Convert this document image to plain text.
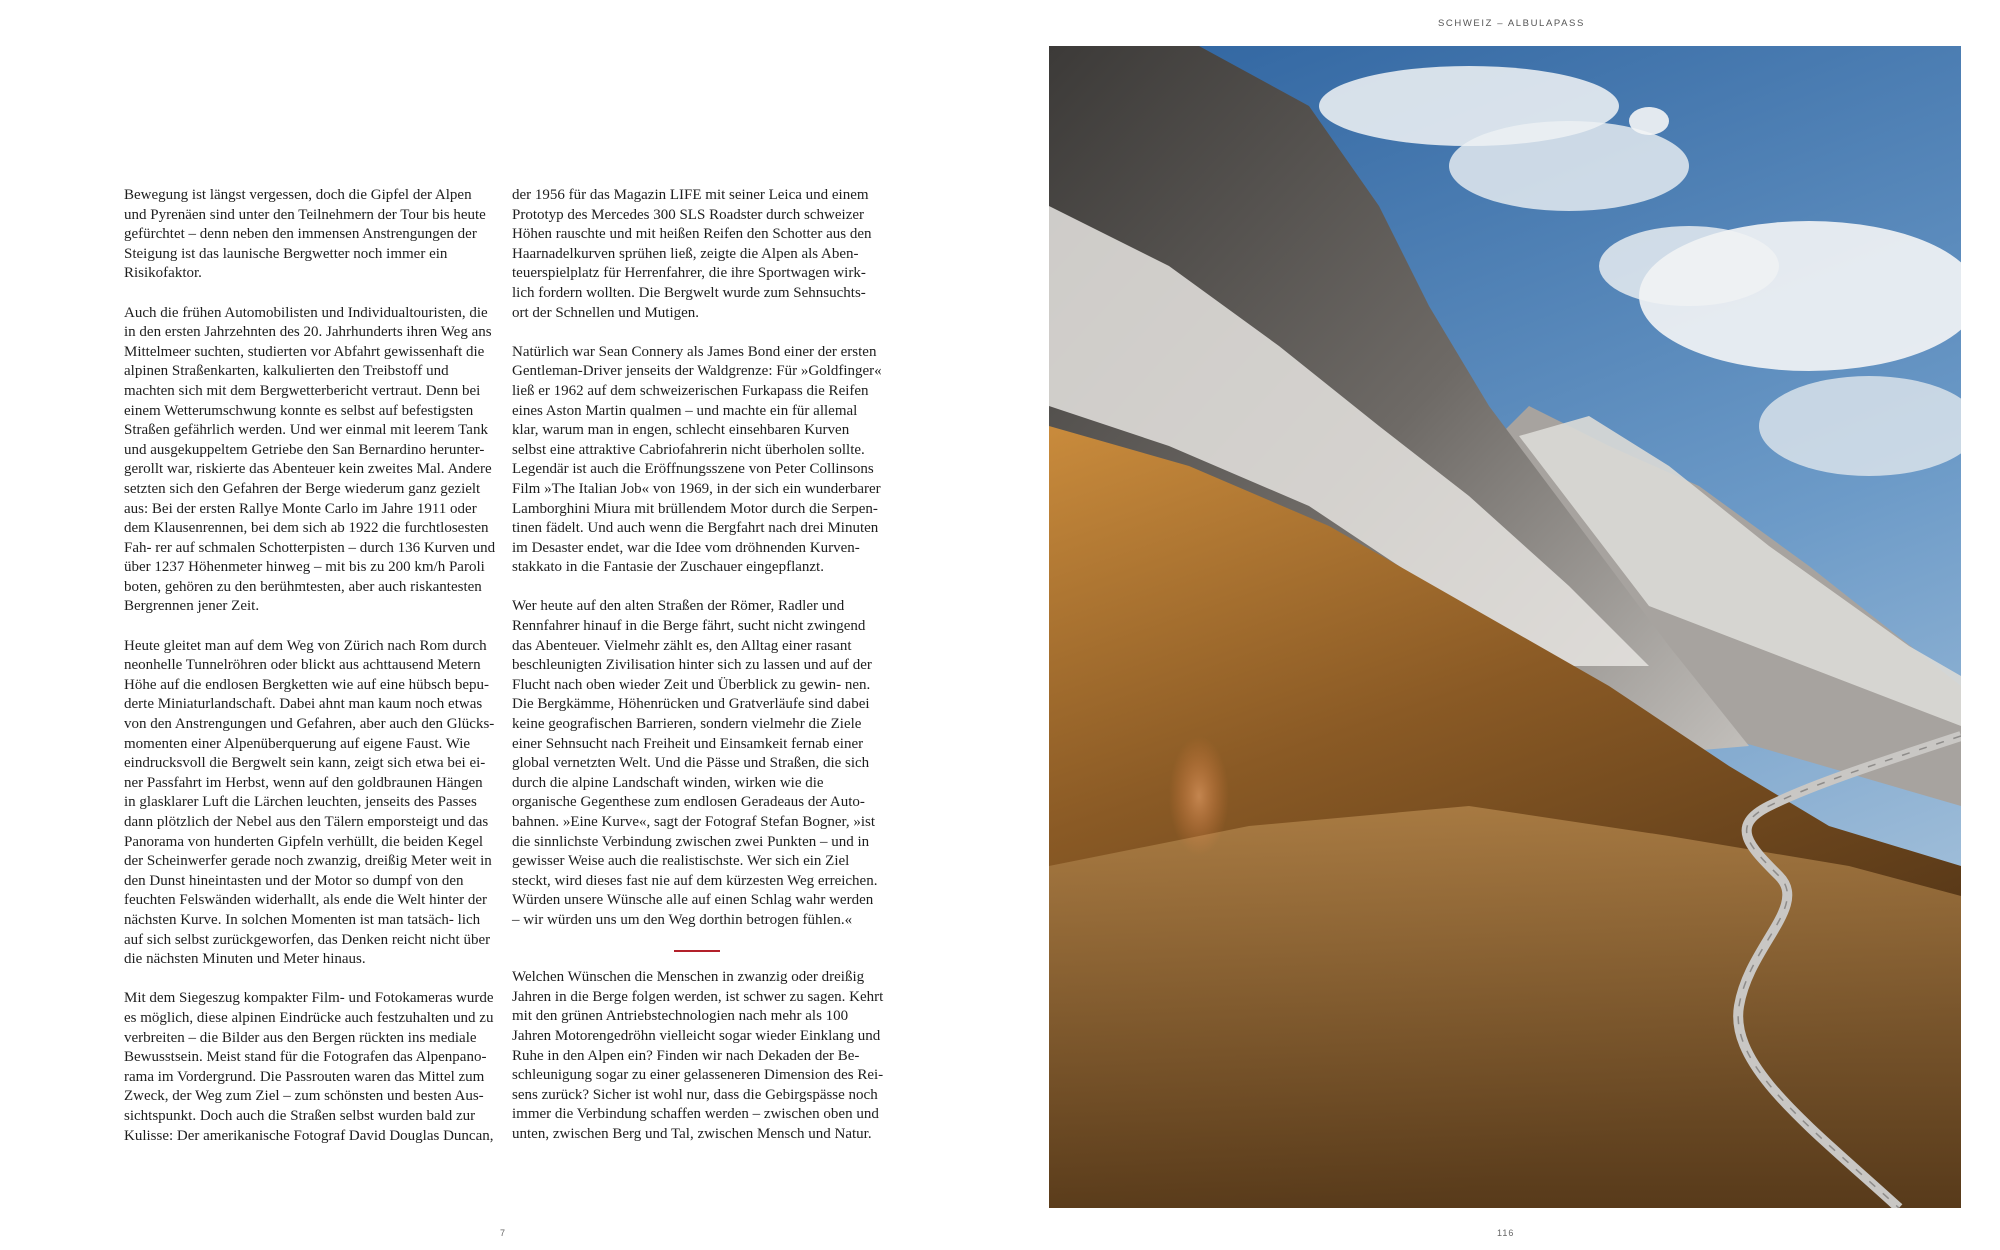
SCHWEIZ – ALBULAPASS

Bewegung ist längst vergessen, doch die Gipfel der Alpen und Pyrenäen sind unter den Teilnehmern der Tour bis heute gefürchtet – denn neben den immensen Anstrengungen der Steigung ist das launische Bergwetter noch immer ein Risikofaktor.

Auch die frühen Automobilisten und Individualtouristen, die in den ersten Jahrzehnten des 20. Jahrhunderts ihren Weg ans Mittelmeer suchten, studierten vor Abfahrt gewissenhaft die alpinen Straßenkarten, kalkulierten den Treibstoff und machten sich mit dem Bergwetterbericht vertraut. Denn bei einem Wetterumschwung konnte es selbst auf befestigsten Straßen gefährlich werden. Und wer einmal mit leerem Tank und ausgekuppeltem Getriebe den San Bernardino herunter- gerollt war, riskierte das Abenteuer kein zweites Mal. Andere setzten sich den Gefahren der Berge wiederum ganz gezielt aus: Bei der ersten Rallye Monte Carlo im Jahre 1911 oder dem Klausenrennen, bei dem sich ab 1922 die furchtlosesten Fah- rer auf schmalen Schotterpisten – durch 136 Kurven und über 1237 Höhenmeter hinweg – mit bis zu 200 km/h Paroli boten, gehören zu den berühmtesten, aber auch riskantesten Bergrennen jener Zeit.

Heute gleitet man auf dem Weg von Zürich nach Rom durch neonhelle Tunnelröhren oder blickt aus achttausend Metern Höhe auf die endlosen Bergketten wie auf eine hübsch bepu- derte Miniaturlandschaft. Dabei ahnt man kaum noch etwas von den Anstrengungen und Gefahren, aber auch den Glücks- momenten einer Alpenüberquerung auf eigene Faust. Wie eindrucksvoll die Bergwelt sein kann, zeigt sich etwa bei ei- ner Passfahrt im Herbst, wenn auf den goldbraunen Hängen in glasklarer Luft die Lärchen leuchten, jenseits des Passes dann plötzlich der Nebel aus den Tälern emporsteigt und das Panorama von hunderten Gipfeln verhüllt, die beiden Kegel der Scheinwerfer gerade noch zwanzig, dreißig Meter weit in den Dunst hineintasten und der Motor so dumpf von den feuchten Felswänden widerhallt, als ende die Welt hinter der nächsten Kurve. In solchen Momenten ist man tatsäch- lich auf sich selbst zurückgeworfen, das Denken reicht nicht über die nächsten Minuten und Meter hinaus.

Mit dem Siegeszug kompakter Film- und Fotokameras wurde es möglich, diese alpinen Eindrücke auch festzuhalten und zu verbreiten – die Bilder aus den Bergen rückten ins mediale Bewusstsein. Meist stand für die Fotografen das Alpenpano- rama im Vordergrund. Die Passrouten waren das Mittel zum Zweck, der Weg zum Ziel – zum schönsten und besten Aus- sichtspunkt. Doch auch die Straßen selbst wurden bald zur Kulisse: Der amerikanische Fotograf David Douglas Duncan,

der 1956 für das Magazin LIFE mit seiner Leica und einem Prototyp des Mercedes 300 SLS Roadster durch schweizer Höhen rauschte und mit heißen Reifen den Schotter aus den Haarnadelkurven sprühen ließ, zeigte die Alpen als Aben- teuerspielplatz für Herrenfahrer, die ihre Sportwagen wirk- lich fordern wollten. Die Bergwelt wurde zum Sehnsuchts- ort der Schnellen und Mutigen.

Natürlich war Sean Connery als James Bond einer der ersten Gentleman-Driver jenseits der Waldgrenze: Für »Goldfinger« ließ er 1962 auf dem schweizerischen Furkapass die Reifen eines Aston Martin qualmen – und machte ein für allemal klar, warum man in engen, schlecht einsehbaren Kurven selbst eine attraktive Cabriofahrerin nicht überholen sollte. Legendär ist auch die Eröffnungsszene von Peter Collinsons Film »The Italian Job« von 1969, in der sich ein wunderbarer Lamborghini Miura mit brüllendem Motor durch die Serpen- tinen fädelt. Und auch wenn die Bergfahrt nach drei Minuten im Desaster endet, war die Idee vom dröhnenden Kurven- stakkato in die Fantasie der Zuschauer eingepflanzt.

Wer heute auf den alten Straßen der Römer, Radler und Rennfahrer hinauf in die Berge fährt, sucht nicht zwingend das Abenteuer. Vielmehr zählt es, den Alltag einer rasant beschleunigten Zivilisation hinter sich zu lassen und auf der Flucht nach oben wieder Zeit und Überblick zu gewin- nen. Die Bergkämme, Höhenrücken und Gratverläufe sind dabei keine geografischen Barrieren, sondern vielmehr die Ziele einer Sehnsucht nach Freiheit und Einsamkeit fernab einer global vernetzten Welt. Und die Pässe und Straßen, die sich durch die alpine Landschaft winden, wirken wie die organische Gegenthese zum endlosen Geradeaus der Auto- bahnen. »Eine Kurve«, sagt der Fotograf Stefan Bogner, »ist die sinnlichste Verbindung zwischen zwei Punkten – und in gewisser Weise auch die realistischste. Wer sich ein Ziel steckt, wird dieses fast nie auf dem kürzesten Weg erreichen. Würden unsere Wünsche alle auf einen Schlag wahr werden – wir würden uns um den Weg dorthin betrogen fühlen.«

Welchen Wünschen die Menschen in zwanzig oder dreißig Jahren in die Berge folgen werden, ist schwer zu sagen. Kehrt mit den grünen Antriebstechnologien nach mehr als 100 Jahren Motorengedröhn vielleicht sogar wieder Einklang und Ruhe in den Alpen ein? Finden wir nach Dekaden der Be- schleunigung sogar zu einer gelasseneren Dimension des Rei- sens zurück? Sicher ist wohl nur, dass die Gebirgspässe noch immer die Verbindung schaffen werden – zwischen oben und unten, zwischen Berg und Tal, zwischen Mensch und Natur.

7	116
